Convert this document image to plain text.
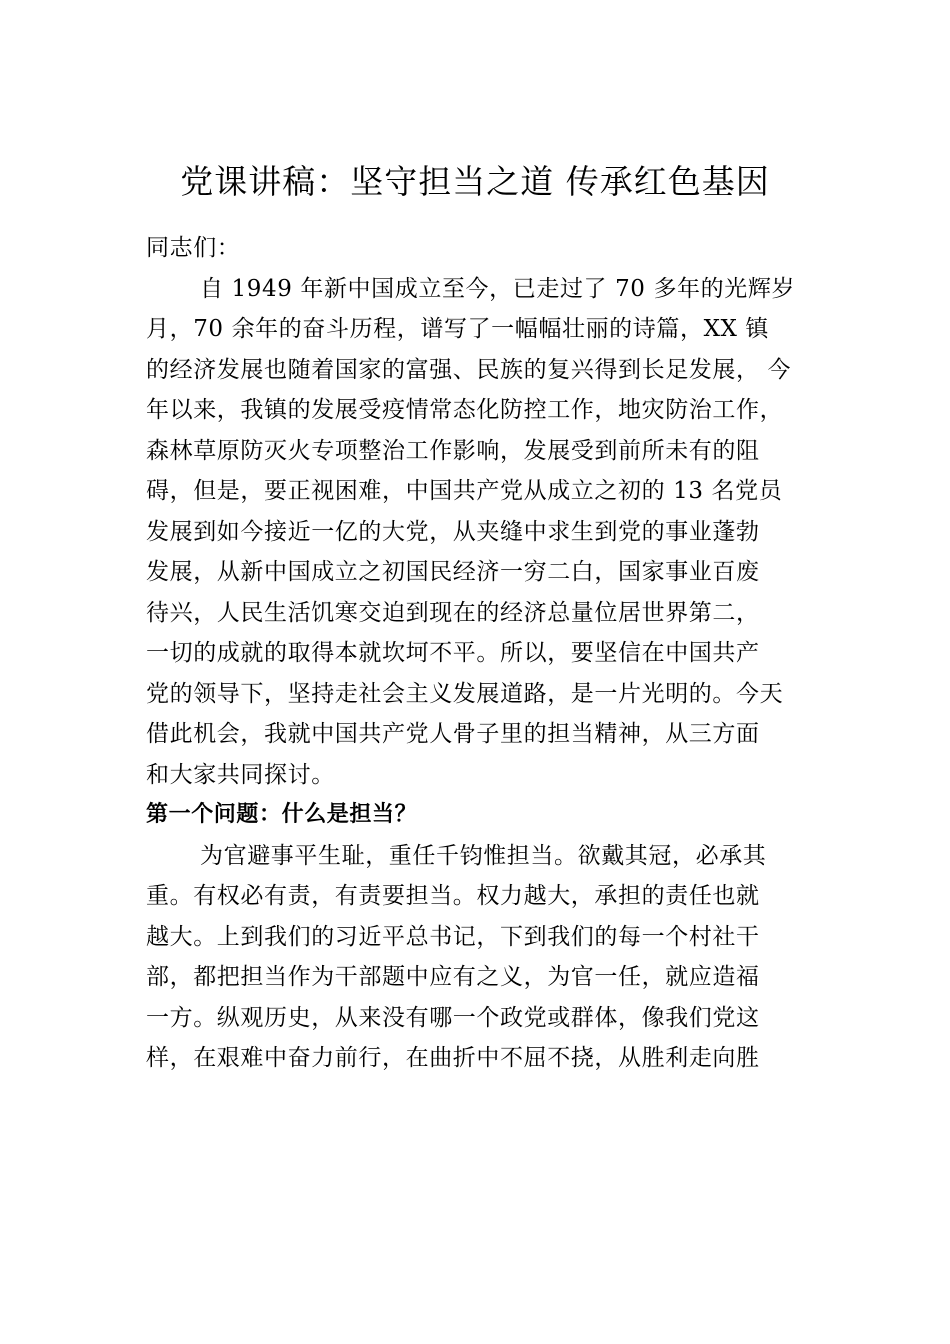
党课讲稿：坚守担当之道 传承红色基因

同志们：

自 1949 年新中国成立至今，已走过了 70 多年的光辉岁
月，70 余年的奋斗历程，谱写了一幅幅壮丽的诗篇，XX 镇
的经济发展也随着国家的富强、民族的复兴得到长足发展， 今
年以来，我镇的发展受疫情常态化防控工作，地灾防治工作，
森林草原防灭火专项整治工作影响，发展受到前所未有的阻
碍，但是，要正视困难，中国共产党从成立之初的 13 名党员
发展到如今接近一亿的大党，从夹缝中求生到党的事业蓬勃
发展，从新中国成立之初国民经济一穷二白，国家事业百废
待兴，人民生活饥寒交迫到现在的经济总量位居世界第二，
一切的成就的取得本就坎坷不平。所以，要坚信在中国共产
党的领导下，坚持走社会主义发展道路，是一片光明的。今天
借此机会，我就中国共产党人骨子里的担当精神，从三方面
和大家共同探讨。

第一个问题：什么是担当？

为官避事平生耻，重任千钧惟担当。欲戴其冠，必承其
重。有权必有责，有责要担当。权力越大，承担的责任也就
越大。上到我们的习近平总书记，下到我们的每一个村社干
部，都把担当作为干部题中应有之义，为官一任，就应造福
一方。纵观历史，从来没有哪一个政党或群体，像我们党这
样，在艰难中奋力前行，在曲折中不屈不挠，从胜利走向胜
